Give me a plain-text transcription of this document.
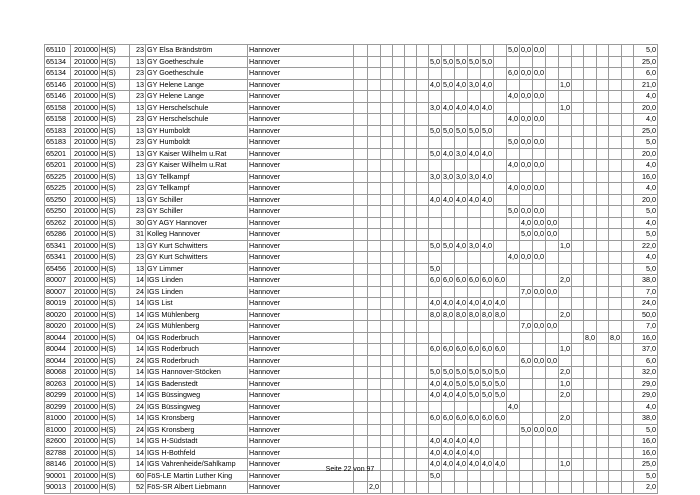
65110	201000	H(S)	23	GY Elsa Brändström	Hannover													5,0	0,0	0,0								5,0
65134	201000	H(S)	13	GY Goetheschule	Hannover							5,0	5,0	5,0	5,0	5,0												25,0
65134	201000	H(S)	23	GY Goetheschule	Hannover													6,0	0,0	0,0								6,0
65146	201000	H(S)	13	GY Helene Lange	Hannover							4,0	5,0	4,0	3,0	4,0						1,0						21,0
65146	201000	H(S)	23	GY Helene Lange	Hannover													4,0	0,0	0,0								4,0
65158	201000	H(S)	13	GY Herschelschule	Hannover							3,0	4,0	4,0	4,0	4,0						1,0						20,0
65158	201000	H(S)	23	GY Herschelschule	Hannover													4,0	0,0	0,0								4,0
65183	201000	H(S)	13	GY Humboldt	Hannover							5,0	5,0	5,0	5,0	5,0												25,0
65183	201000	H(S)	23	GY Humboldt	Hannover													5,0	0,0	0,0								5,0
65201	201000	H(S)	13	GY Kaiser Wilhelm u.Rat	Hannover							5,0	4,0	3,0	4,0	4,0												20,0
65201	201000	H(S)	23	GY Kaiser Wilhelm u.Rat	Hannover													4,0	0,0	0,0								4,0
65225	201000	H(S)	13	GY Tellkampf	Hannover							3,0	3,0	3,0	3,0	4,0												16,0
65225	201000	H(S)	23	GY Tellkampf	Hannover													4,0	0,0	0,0								4,0
65250	201000	H(S)	13	GY Schiller	Hannover							4,0	4,0	4,0	4,0	4,0												20,0
65250	201000	H(S)	23	GY Schiller	Hannover													5,0	0,0	0,0								5,0
65262	201000	H(S)	30	GY AGY Hannover	Hannover														4,0	0,0	0,0							4,0
65286	201000	H(S)	31	Kolleg Hannover	Hannover														5,0	0,0	0,0							5,0
65341	201000	H(S)	13	GY Kurt Schwitters	Hannover							5,0	5,0	4,0	3,0	4,0						1,0						22,0
65341	201000	H(S)	23	GY Kurt Schwitters	Hannover													4,0	0,0	0,0								4,0
65456	201000	H(S)	13	GY Limmer	Hannover							5,0																5,0
80007	201000	H(S)	14	IGS Linden	Hannover							6,0	6,0	6,0	6,0	6,0	6,0					2,0						38,0
80007	201000	H(S)	24	IGS Linden	Hannover														7,0	0,0	0,0							7,0
80019	201000	H(S)	14	IGS List	Hannover							4,0	4,0	4,0	4,0	4,0	4,0											24,0
80020	201000	H(S)	14	IGS Mühlenberg	Hannover							8,0	8,0	8,0	8,0	8,0	8,0					2,0						50,0
80020	201000	H(S)	24	IGS Mühlenberg	Hannover														7,0	0,0	0,0							7,0
80044	201000	H(S)	04	IGS Roderbruch	Hannover																			8,0		8,0		16,0
80044	201000	H(S)	14	IGS Roderbruch	Hannover							6,0	6,0	6,0	6,0	6,0	6,0					1,0						37,0
80044	201000	H(S)	24	IGS Roderbruch	Hannover														6,0	0,0	0,0							6,0
80068	201000	H(S)	14	IGS Hannover-Stöcken	Hannover							5,0	5,0	5,0	5,0	5,0	5,0					2,0						32,0
80263	201000	H(S)	14	IGS Badenstedt	Hannover							4,0	4,0	5,0	5,0	5,0	5,0					1,0						29,0
80299	201000	H(S)	14	IGS Büssingweg	Hannover							4,0	4,0	4,0	5,0	5,0	5,0					2,0						29,0
80299	201000	H(S)	24	IGS Büssingweg	Hannover													4,0										4,0
81000	201000	H(S)	14	IGS Kronsberg	Hannover							6,0	6,0	6,0	6,0	6,0	6,0					2,0						38,0
81000	201000	H(S)	24	IGS Kronsberg	Hannover														5,0	0,0	0,0							5,0
82600	201000	H(S)	14	IGS H-Südstadt	Hannover							4,0	4,0	4,0	4,0													16,0
82788	201000	H(S)	14	IGS H-Bothfeld	Hannover							4,0	4,0	4,0	4,0													16,0
88146	201000	H(S)	14	IGS Vahrenheide/Sahlkamp	Hannover							4,0	4,0	4,0	4,0	4,0	4,0					1,0						25,0
90001	201000	H(S)	60	FöS-LE Martin Luther King	Hannover							5,0																5,0
90013	201000	H(S)	52	FöS-SR Albert Liebmann	Hannover		2,0																					2,0
Seite 22 von 97
